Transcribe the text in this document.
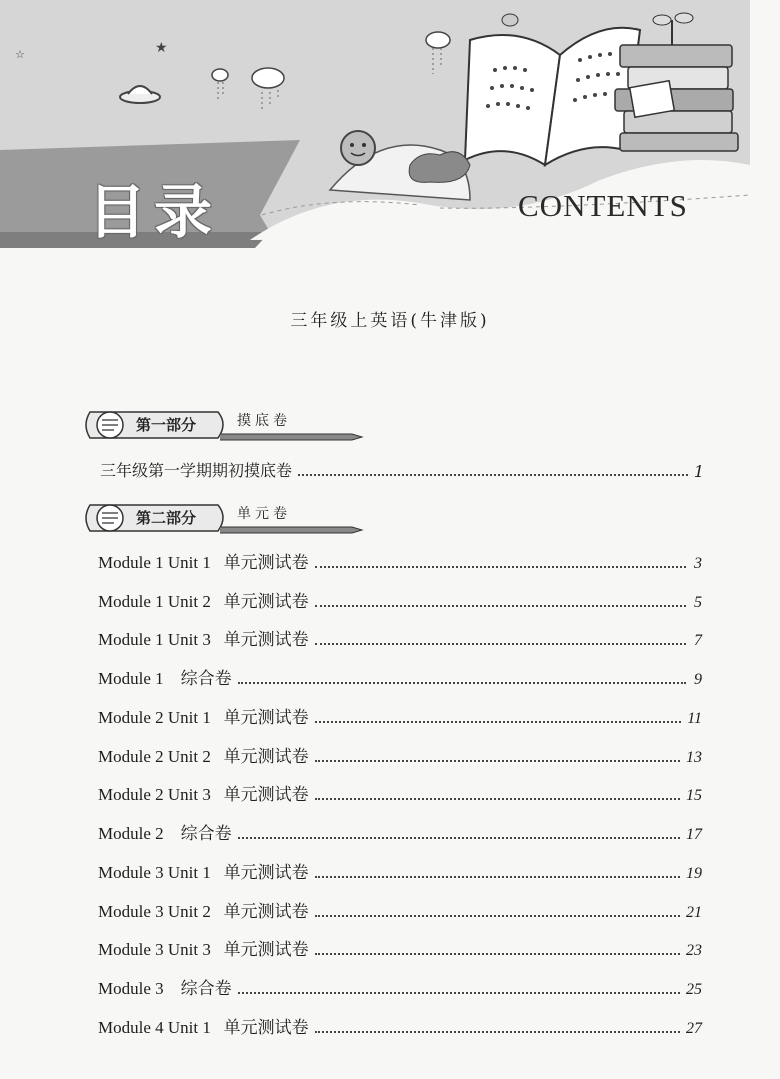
★
☆
目录	CONTENTS
三年级上英语(牛津版)
第一部分	摸底卷
三年级第一学期期初摸底卷	1
第二部分	单元卷
Module 1 Unit 1   单元测试卷	3
Module 1 Unit 2   单元测试卷	5
Module 1 Unit 3   单元测试卷	7
Module 1    综合卷	9
Module 2 Unit 1   单元测试卷	11
Module 2 Unit 2   单元测试卷	13
Module 2 Unit 3   单元测试卷	15
Module 2    综合卷	17
Module 3 Unit 1   单元测试卷	19
Module 3 Unit 2   单元测试卷	21
Module 3 Unit 3   单元测试卷	23
Module 3    综合卷	25
Module 4 Unit 1   单元测试卷	27
